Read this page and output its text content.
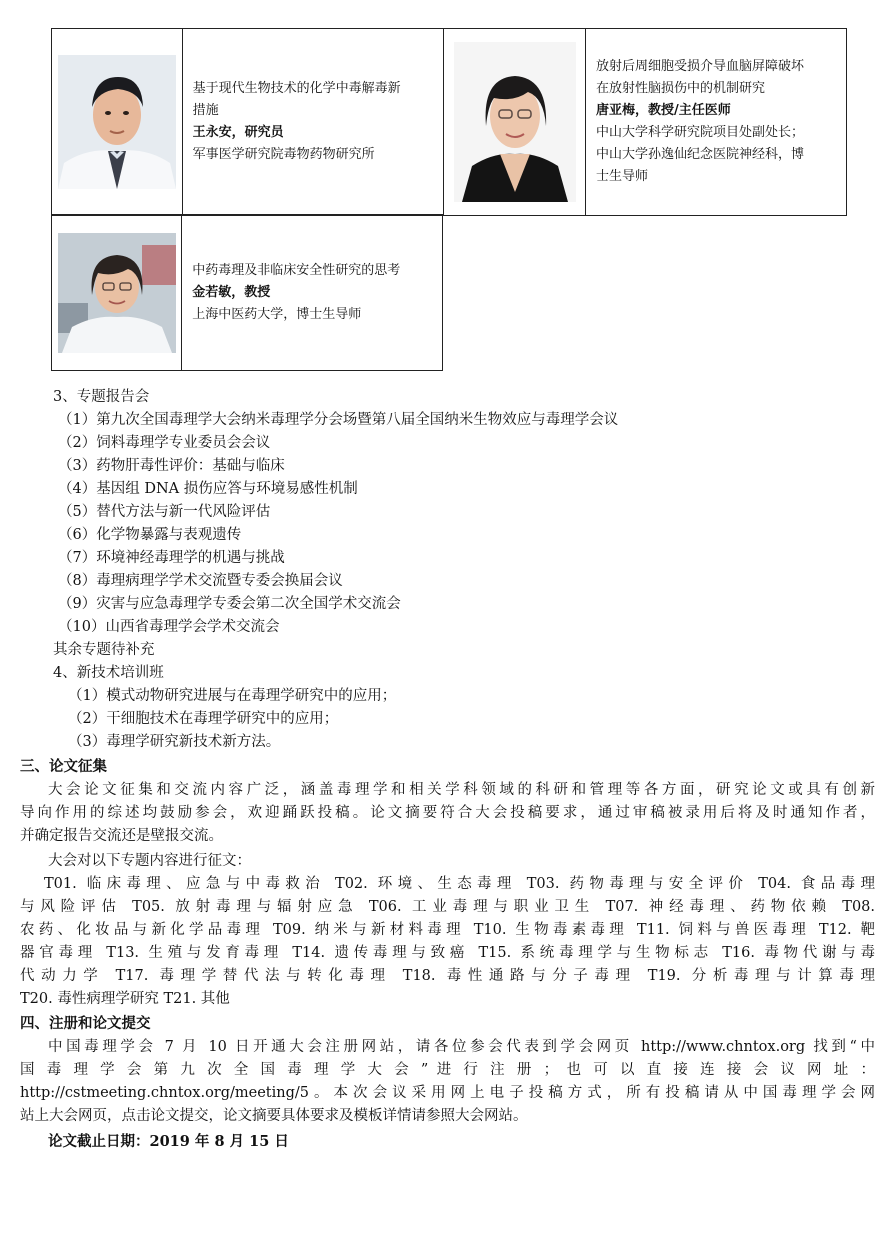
基于现代生物技术的化学中毒解毒新
措施
王永安，研究员
军事医学研究院毒物药物研究所
放射后周细胞受损介导血脑屏障破坏
在放射性脑损伤中的机制研究
唐亚梅，教授/主任医师
中山大学科学研究院项目处副处长；
中山大学孙逸仙纪念医院神经科，博
士生导师
中药毒理及非临床安全性研究的思考
金若敏，教授
上海中医药大学，博士生导师
3、专题报告会
（1）第九次全国毒理学大会纳米毒理学分会场暨第八届全国纳米生物效应与毒理学会议
（2）饲料毒理学专业委员会会议
（3）药物肝毒性评价：基础与临床
（4）基因组 DNA 损伤应答与环境易感性机制
（5）替代方法与新一代风险评估
（6）化学物暴露与表观遗传
（7）环境神经毒理学的机遇与挑战
（8）毒理病理学学术交流暨专委会换届会议
（9）灾害与应急毒理学专委会第二次全国学术交流会
（10）山西省毒理学会学术交流会
其余专题待补充
4、新技术培训班
（1）模式动物研究进展与在毒理学研究中的应用；
（2）干细胞技术在毒理学研究中的应用；
（3）毒理学研究新技术新方法。
三、论文征集
大会论文征集和交流内容广泛，涵盖毒理学和相关学科领域的科研和管理等各方面，研究论文或具有创新
导向作用的综述均鼓励参会，欢迎踊跃投稿。论文摘要符合大会投稿要求，通过审稿被录用后将及时通知作者，
并确定报告交流还是壁报交流。
大会对以下专题内容进行征文：
T01. 临床毒理、应急与中毒救治 T02. 环境、生态毒理 T03. 药物毒理与安全评价 T04. 食品毒理
与风险评估 T05. 放射毒理与辐射应急 T06. 工业毒理与职业卫生 T07. 神经毒理、药物依赖 T08.
农药、化妆品与新化学品毒理 T09. 纳米与新材料毒理 T10. 生物毒素毒理 T11. 饲料与兽医毒理 T12. 靶
器官毒理 T13. 生殖与发育毒理 T14. 遗传毒理与致癌 T15. 系统毒理学与生物标志 T16. 毒物代谢与毒
代动力学 T17. 毒理学替代法与转化毒理 T18. 毒性通路与分子毒理 T19. 分析毒理与计算毒理
T20. 毒性病理学研究 T21. 其他
四、注册和论文提交
中国毒理学会 7 月 10 日开通大会注册网站，请各位参会代表到学会网页 http://www.chntox.org 找到“中
国 毒 理 学 会 第 九 次 全 国 毒 理 学 大 会 ” 进 行 注 册 ； 也 可 以 直 接 连 接 会 议 网 址 ：
http://cstmeeting.chntox.org/meeting/5。本次会议采用网上电子投稿方式，所有投稿请从中国毒理学会网
站上大会网页，点击论文提交，论文摘要具体要求及模板详情请参照大会网站。
论文截止日期：2019 年 8 月 15 日
